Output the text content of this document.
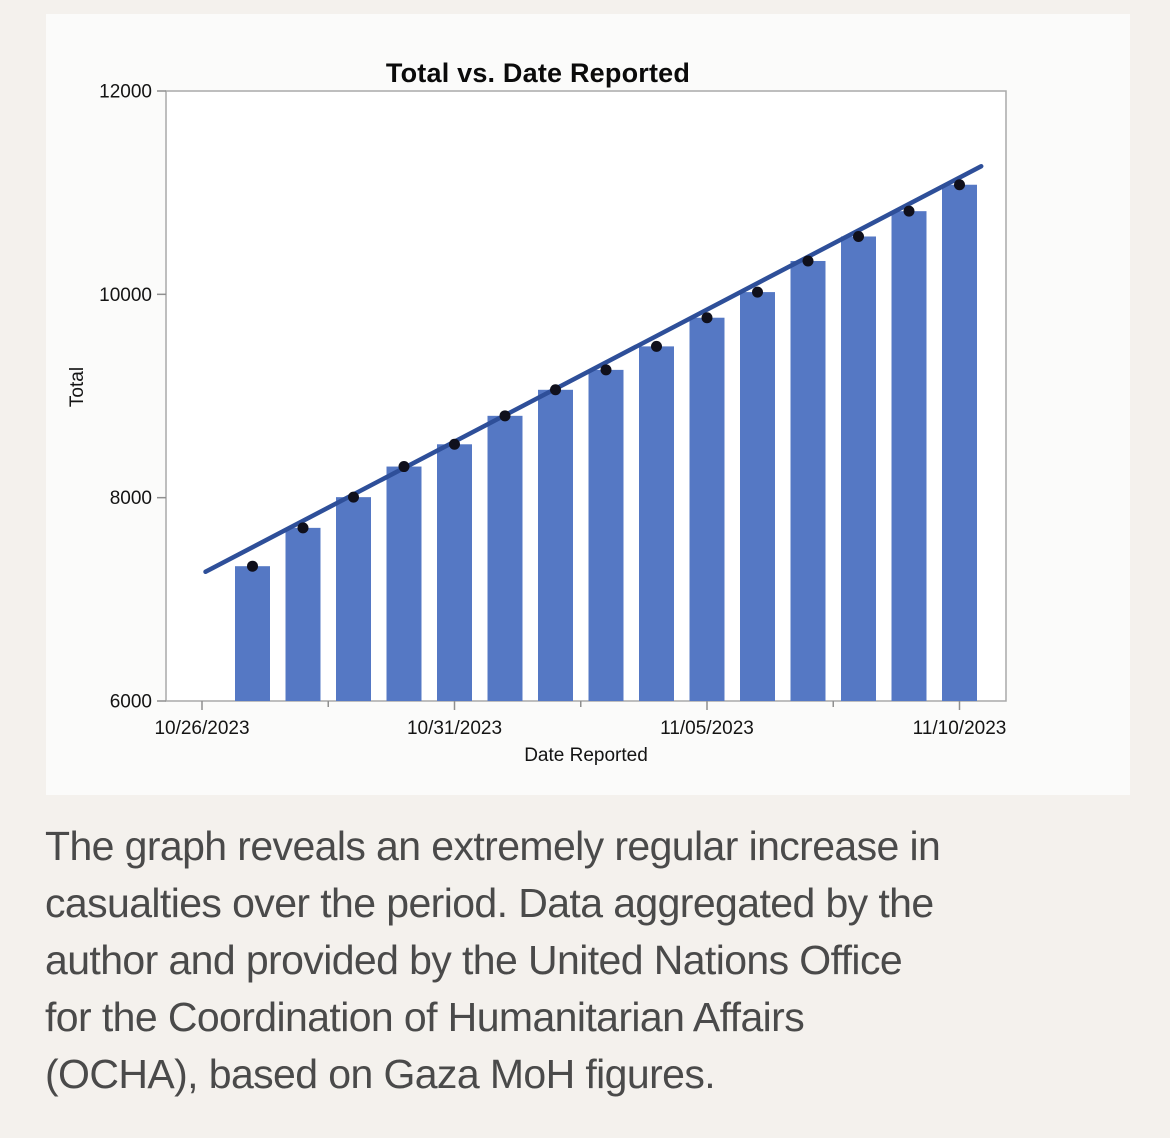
6000
8000
10000
12000
10/26/2023	10/31/2023	11/05/2023	11/10/2023
Total vs. Date Reported
Total
Date Reported
The graph reveals an extremely regular increase in
casualties over the period. Data aggregated by the
author and provided by the United Nations Office
for the Coordination of Humanitarian Affairs
(OCHA), based on Gaza MoH figures.
